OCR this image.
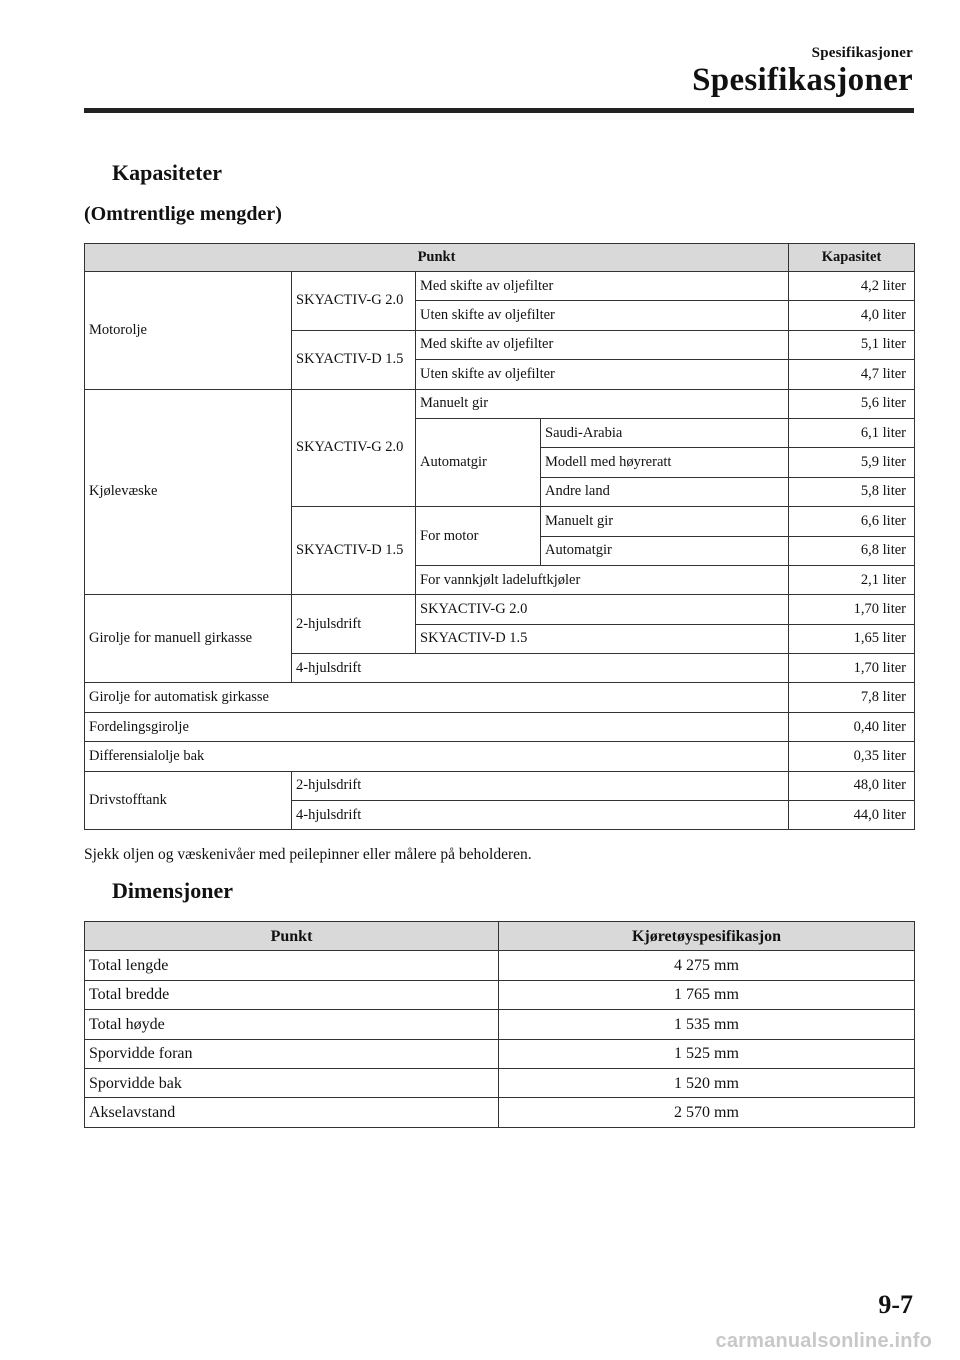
Spesifikasjoner
Spesifikasjoner
Kapasiteter
(Omtrentlige mengder)
Punkt				Kapasitet
Motorolje	SKYACTIV-G 2.0	Med skifte av oljefilter		4,2 liter
		Uten skifte av oljefilter		4,0 liter
	SKYACTIV-D 1.5	Med skifte av oljefilter		5,1 liter
		Uten skifte av oljefilter		4,7 liter
Kjølevæske	SKYACTIV-G 2.0	Manuelt gir		5,6 liter
		Automatgir	Saudi-Arabia	6,1 liter
			Modell med høyreratt	5,9 liter
			Andre land	5,8 liter
	SKYACTIV-D 1.5	For motor	Manuelt gir	6,6 liter
			Automatgir	6,8 liter
		For vannkjølt ladeluftkjøler		2,1 liter
Girolje for manuell girkasse	2-hjulsdrift	SKYACTIV-G 2.0		1,70 liter
		SKYACTIV-D 1.5		1,65 liter
	4-hjulsdrift			1,70 liter
Girolje for automatisk girkasse				7,8 liter
Fordelingsgirolje				0,40 liter
Differensialolje bak				0,35 liter
Drivstofftank	2-hjulsdrift			48,0 liter
	4-hjulsdrift			44,0 liter
Sjekk oljen og væskenivåer med peilepinner eller målere på beholderen.
Dimensjoner
Punkt	Kjøretøyspesifikasjon
Total lengde	4 275 mm
Total bredde	1 765 mm
Total høyde	1 535 mm
Sporvidde foran	1 525 mm
Sporvidde bak	1 520 mm
Akselavstand	2 570 mm
9-7
carmanualsonline.info
